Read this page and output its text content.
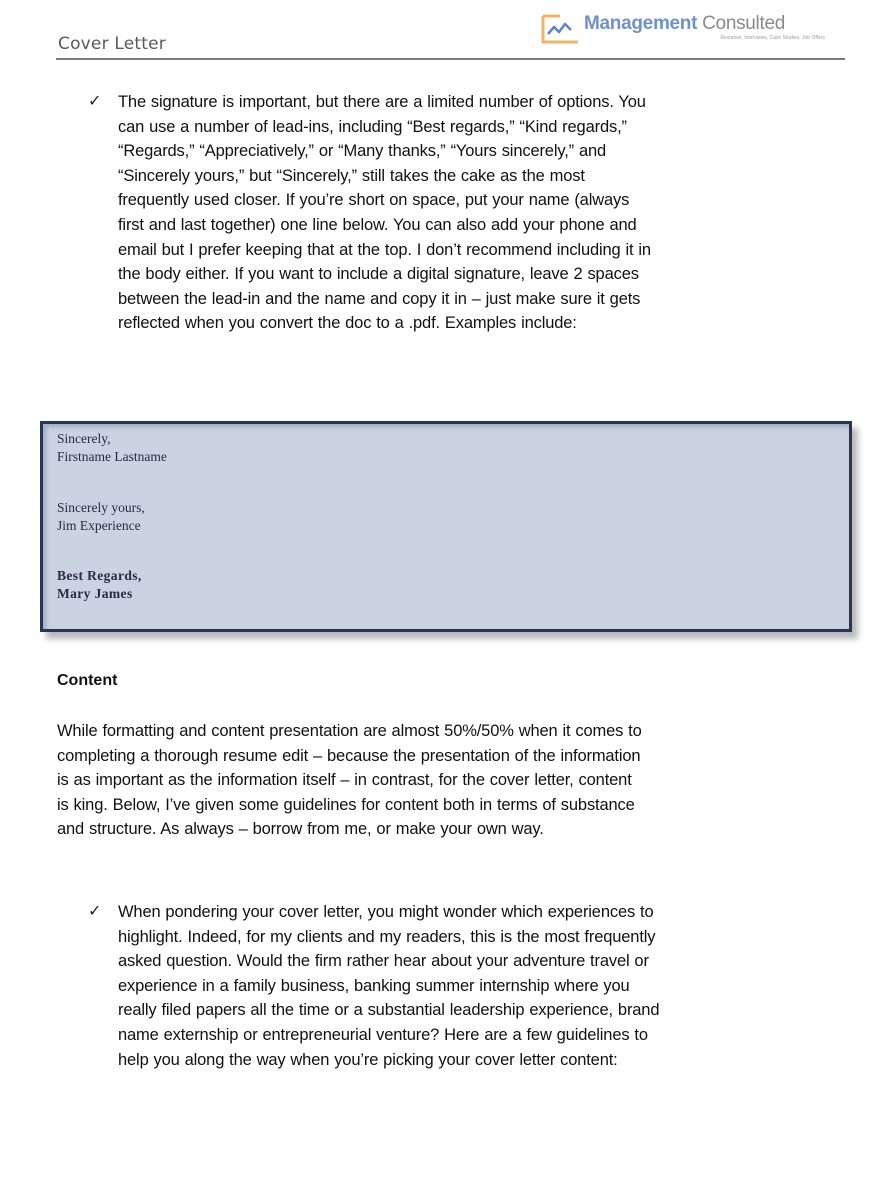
Cover Letter
Management Consulted
Resumes, Interviews, Case Studies, Job Offers
✓ The signature is important, but there are a limited number of options. You
can use a number of lead-ins, including “Best regards,” “Kind regards,”
“Regards,” “Appreciatively,” or “Many thanks,” “Yours sincerely,” and
“Sincerely yours,” but “Sincerely,” still takes the cake as the most
frequently used closer. If you’re short on space, put your name (always
first and last together) one line below. You can also add your phone and
email but I prefer keeping that at the top. I don’t recommend including it in
the body either. If you want to include a digital signature, leave 2 spaces
between the lead-in and the name and copy it in – just make sure it gets
reflected when you convert the doc to a .pdf. Examples include:
Sincerely,
Firstname Lastname
Sincerely yours,
Jim Experience
Best Regards,
Mary James
Content
While formatting and content presentation are almost 50%/50% when it comes to
completing a thorough resume edit – because the presentation of the information
is as important as the information itself – in contrast, for the cover letter, content
is king. Below, I’ve given some guidelines for content both in terms of substance
and structure. As always – borrow from me, or make your own way.
✓ When pondering your cover letter, you might wonder which experiences to
highlight. Indeed, for my clients and my readers, this is the most frequently
asked question. Would the firm rather hear about your adventure travel or
experience in a family business, banking summer internship where you
really filed papers all the time or a substantial leadership experience, brand
name externship or entrepreneurial venture? Here are a few guidelines to
help you along the way when you’re picking your cover letter content:
